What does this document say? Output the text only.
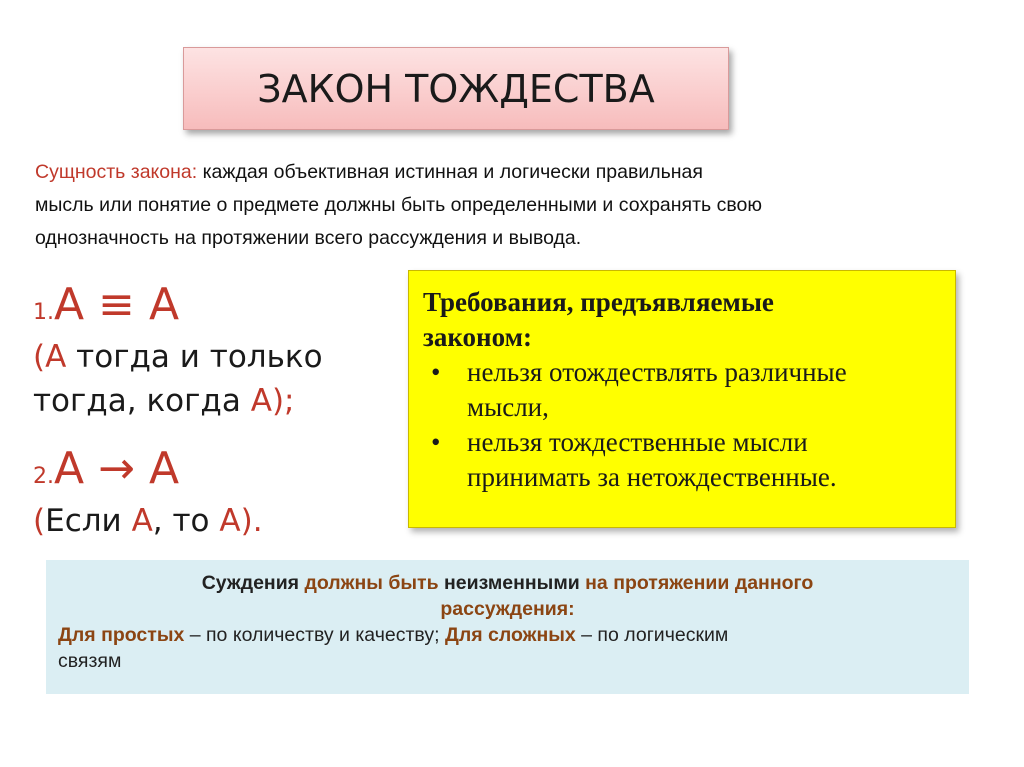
ЗАКОН ТОЖДЕСТВА
Сущность закона: каждая объективная истинная и логически правильная
мысль или понятие о предмете должны быть определенными и сохранять свою
однозначность на протяжении всего рассуждения и вывода.
1.А ≡ А
(А тогда и только
тогда, когда А);
2.А → А
(Если А, то А).
Требования, предъявляемые
законом:
• нельзя отождествлять различные
мысли,
• нельзя тождественные мысли
принимать за нетождественные.
Суждения должны быть неизменными на протяжении данного
рассуждения:
Для простых – по количеству и качеству; Для сложных – по логическим
связям
